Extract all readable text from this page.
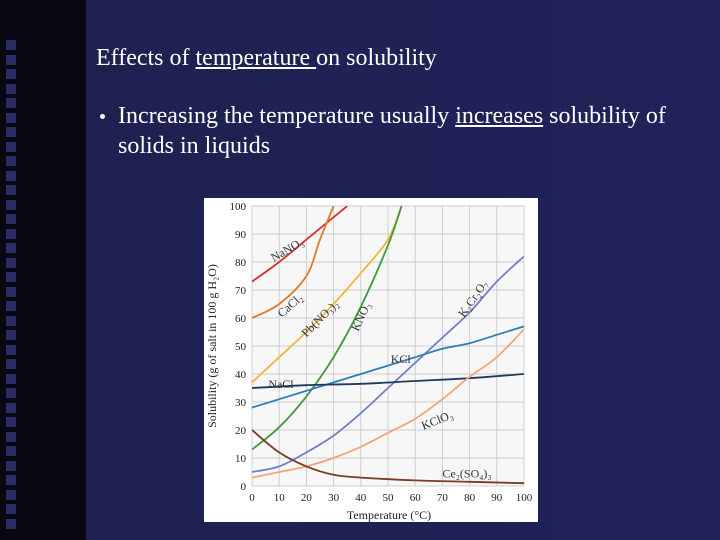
Effects of temperature on solubility
Increasing the temperature usually increases solubility of solids in liquids
0 10 20 30 40 50 60 70 80 90 100
0
10
20
30
40
50
60
70
80
90
100
NaNO₃
CaCl₂
Pb(NO₃)₂ KNO₃	K₂Cr₂O₇
KCl
NaCl
KClO₃
Ce₂(SO₄)₃
Temperature (°C)
Solubility (g of salt in 100 g H₂O)
